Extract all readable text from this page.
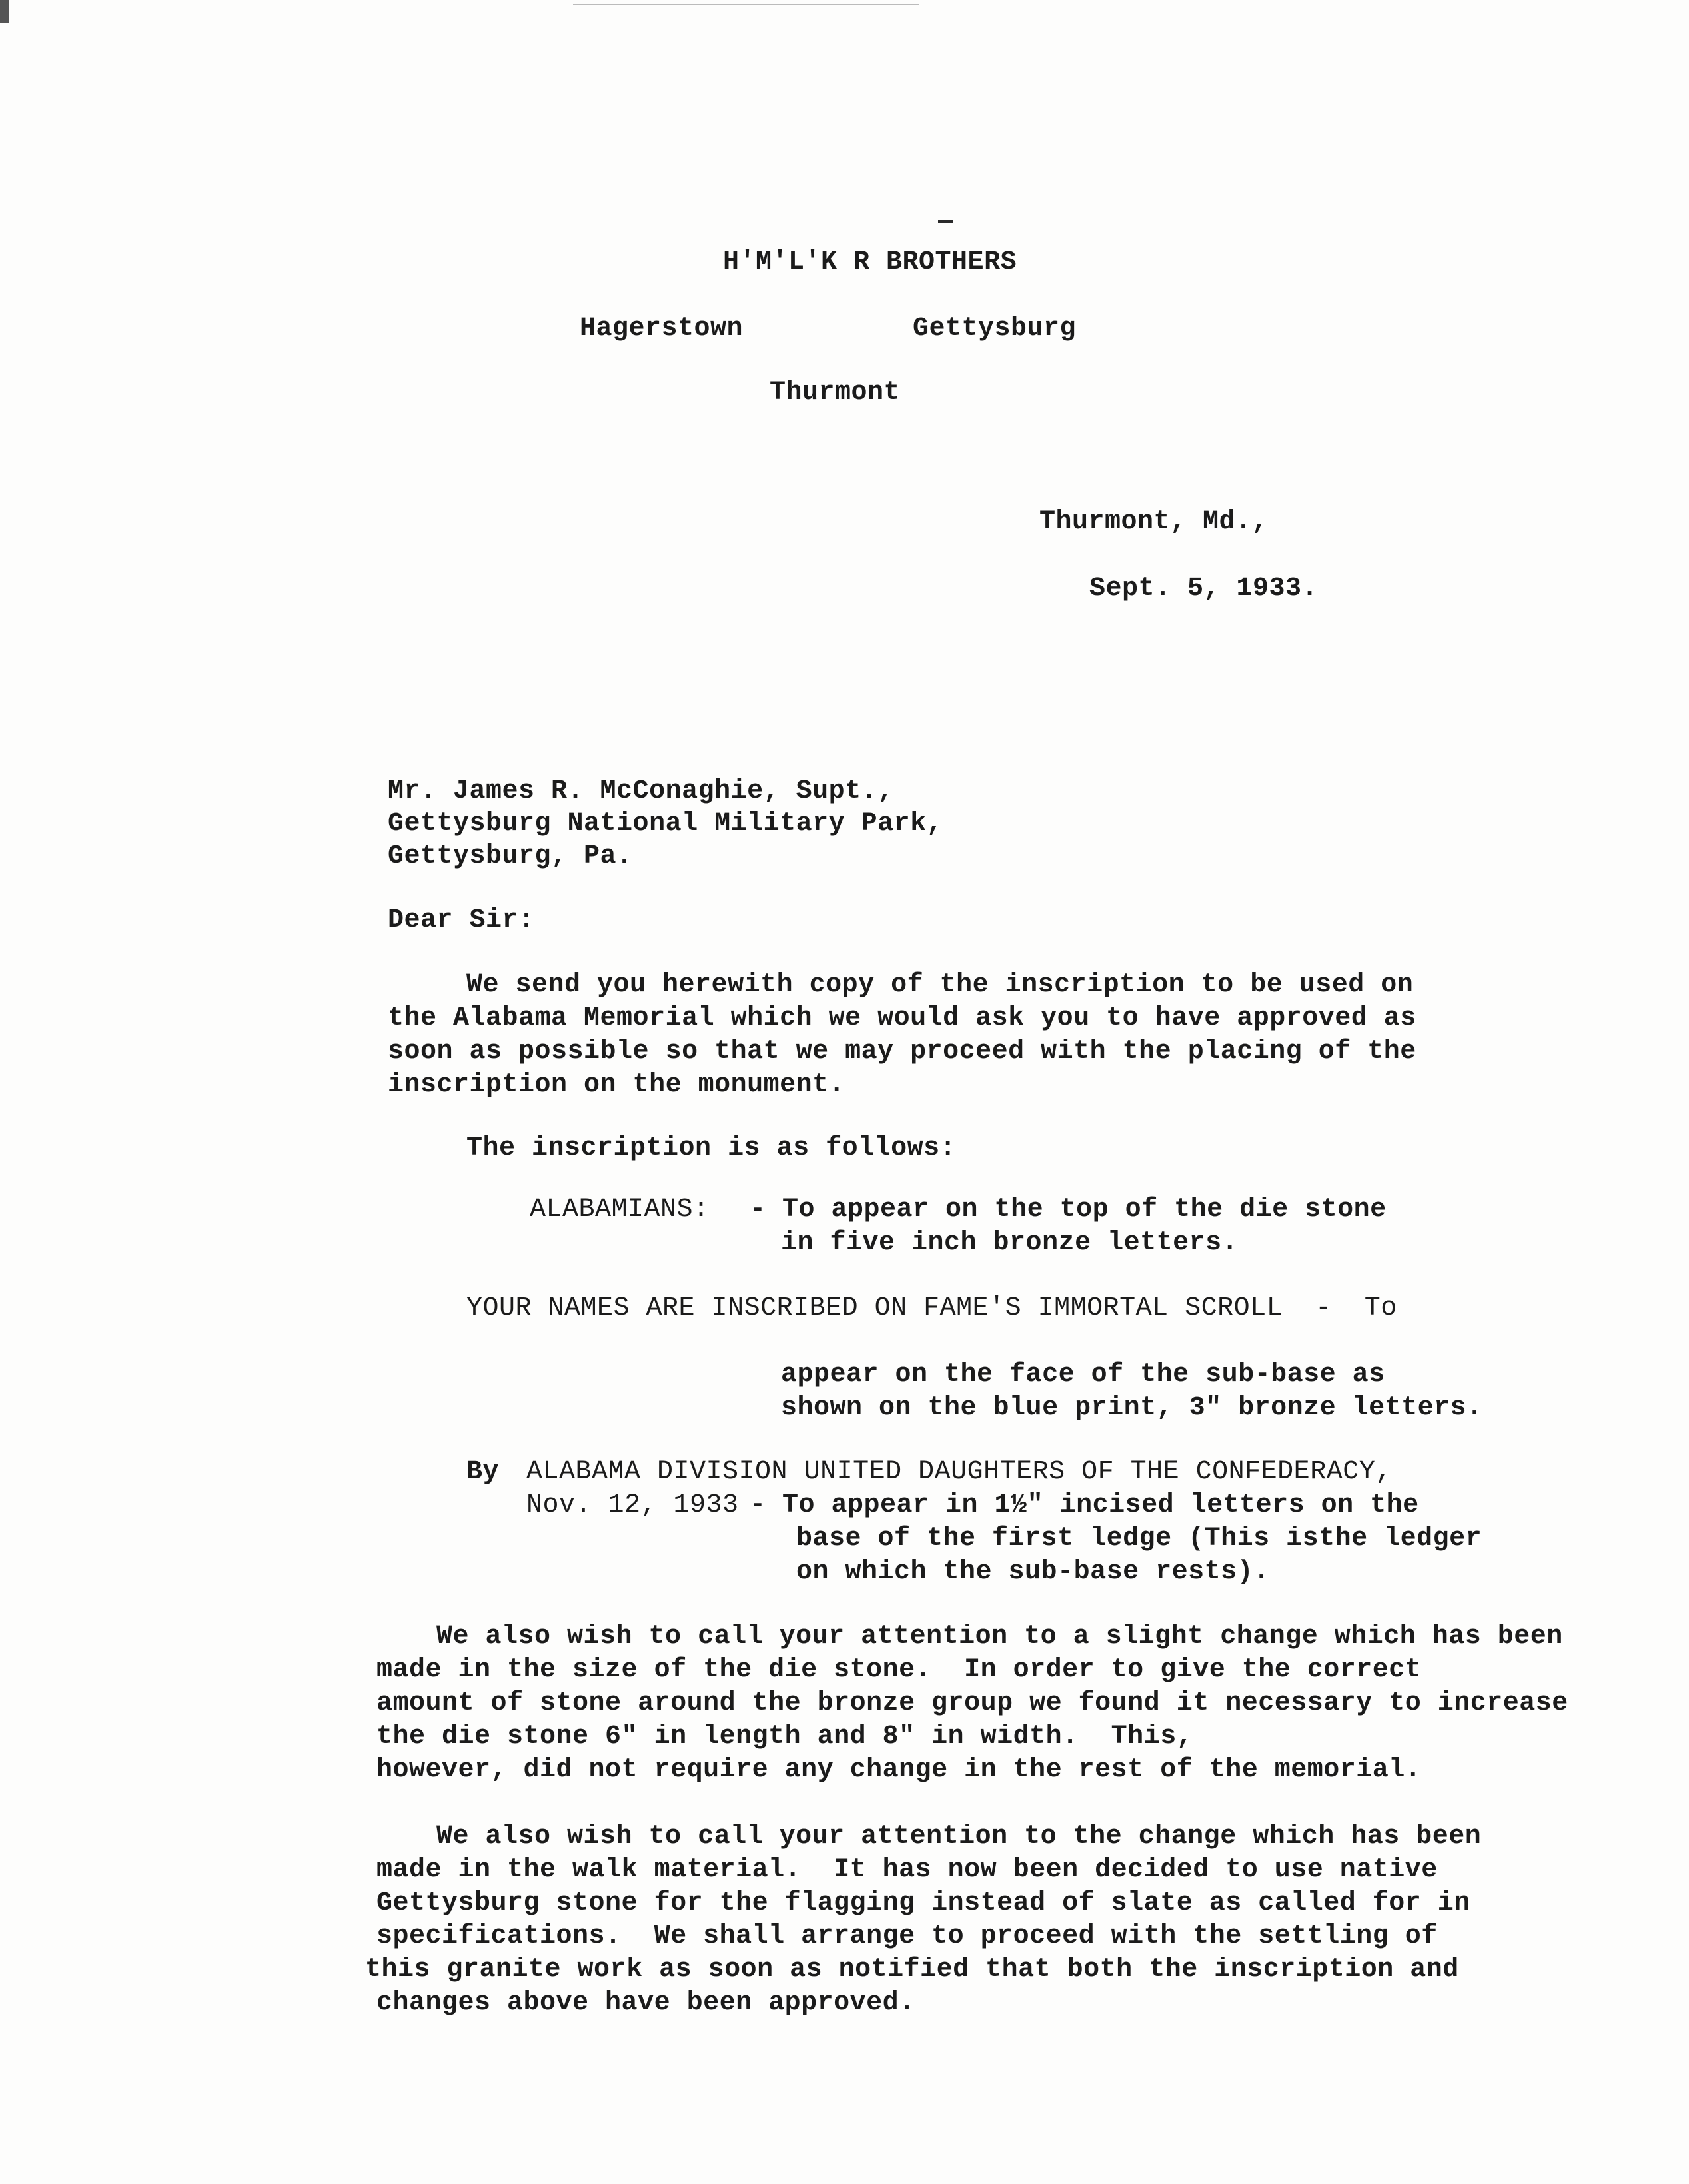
H′M′L′K R BROTHERS
Hagerstown	Gettysburg
Thurmont
Thurmont, Md.,
Sept. 5, 1933.
Mr. James R. McConaghie, Supt.,
Gettysburg National Military Park,
Gettysburg, Pa.
Dear Sir:
We send you herewith copy of the inscription to be used on
the Alabama Memorial which we would ask you to have approved as
soon as possible so that we may proceed with the placing of the
inscription on the monument.
The inscription is as follows:
ALABAMIANS: - To appear on the top of the die stone
in five inch bronze letters.
YOUR NAMES ARE INSCRIBED ON FAME'S IMMORTAL SCROLL  -  To
appear on the face of the sub-base as
shown on the blue print, 3" bronze letters.
By ALABAMA DIVISION UNITED DAUGHTERS OF THE CONFEDERACY,
Nov. 12, 1933 - To appear in 1½" incised letters on the
base of the first ledge (This isthe ledger
on which the sub-base rests).
We also wish to call your attention to a slight change which has been
made in the size of the die stone.  In order to give the correct
amount of stone around the bronze group we found it necessary to increase
the die stone 6" in length and 8" in width.  This,
however, did not require any change in the rest of the memorial.
We also wish to call your attention to the change which has been
made in the walk material.  It has now been decided to use native
Gettysburg stone for the flagging instead of slate as called for in
specifications.  We shall arrange to proceed with the settling of
this granite work as soon as notified that both the inscription and
changes above have been approved.
